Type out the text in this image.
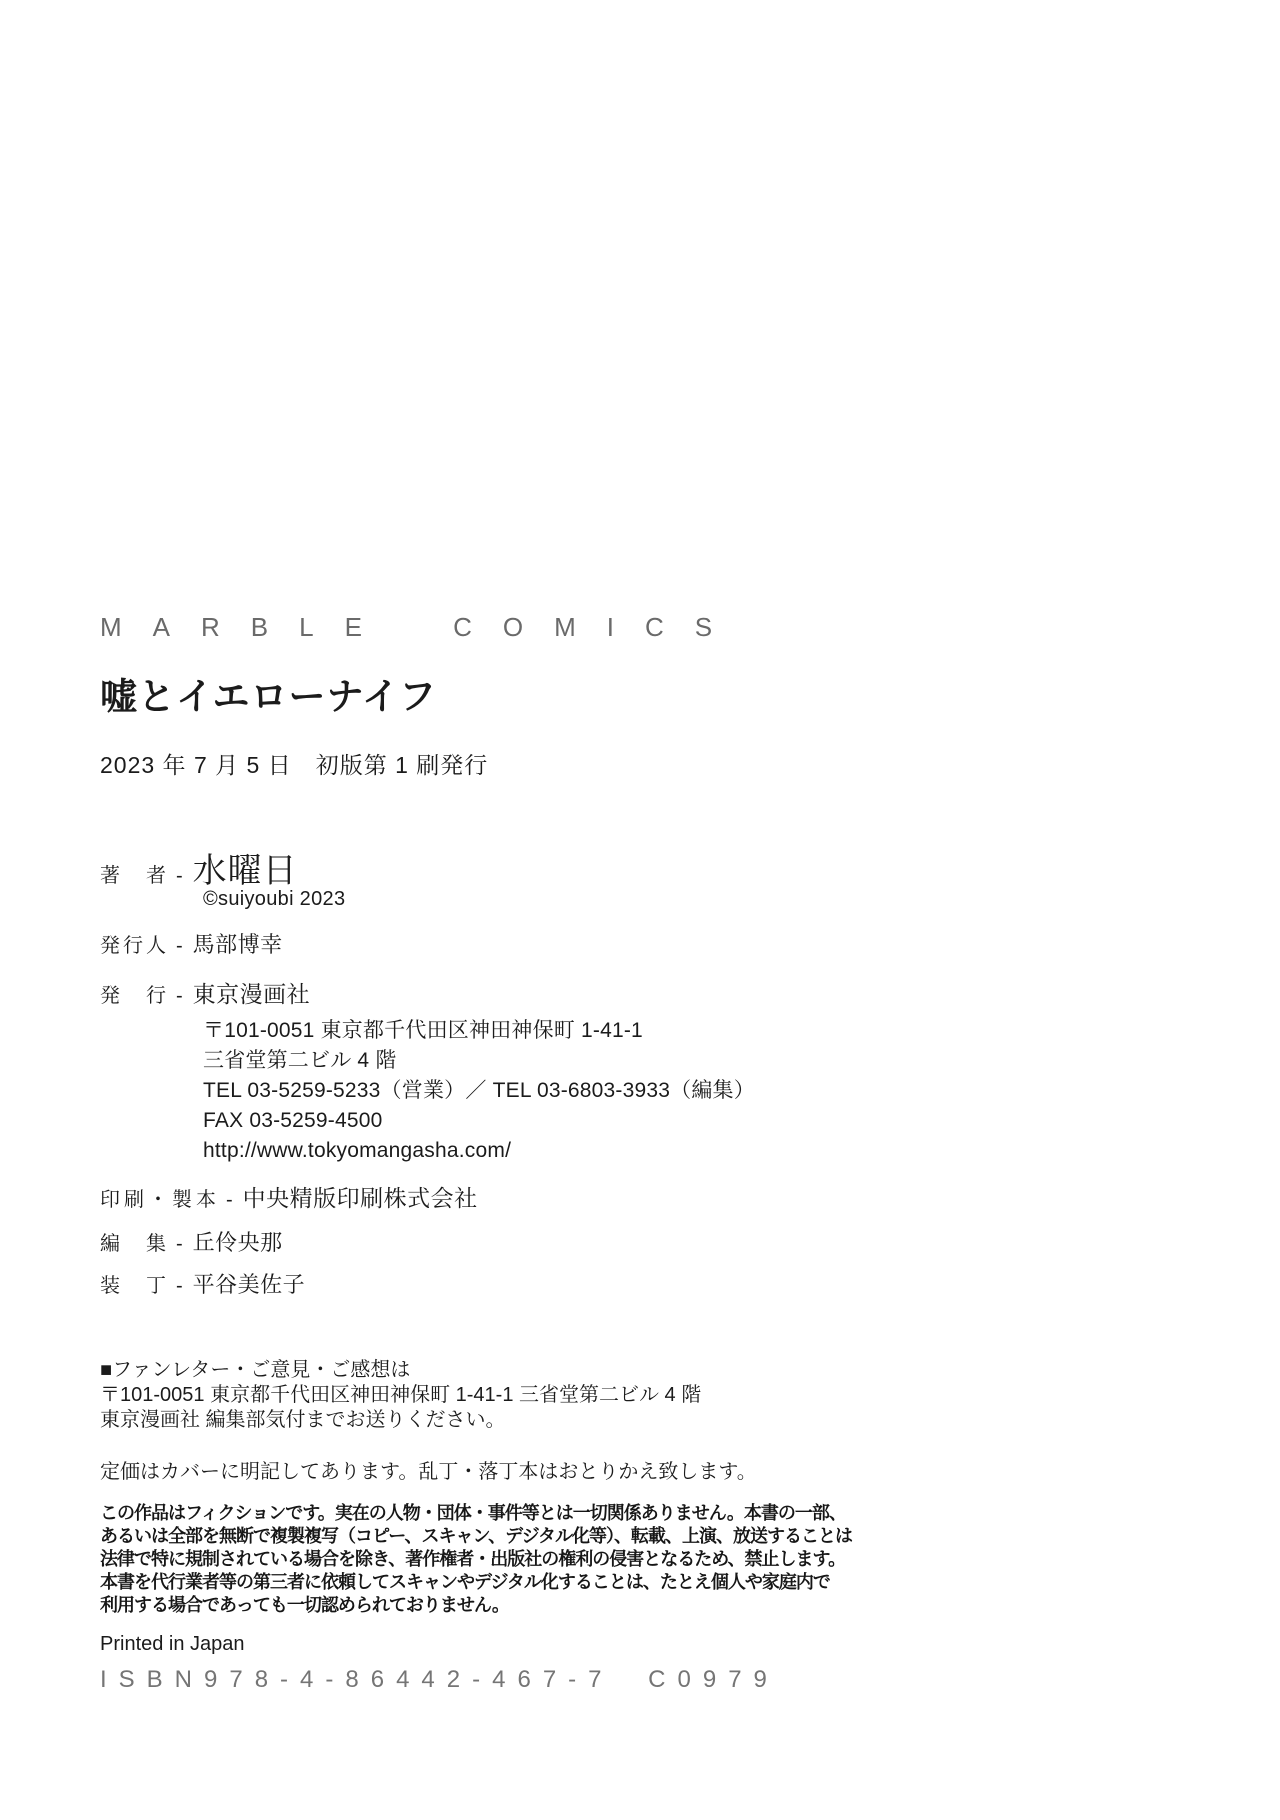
MARBLE COMICS
嘘とイエローナイフ
2023 年 7 月 5 日　初版第 1 刷発行
著者 - 水曜日
©suiyoubi 2023
発行人 - 馬部博幸
発行 - 東京漫画社
〒101-0051 東京都千代田区神田神保町 1-41-1
三省堂第二ビル 4 階
TEL 03-5259-5233（営業）／ TEL 03-6803-3933（編集）
FAX 03-5259-4500
http://www.tokyomangasha.com/
印刷・製本 - 中央精版印刷株式会社
編集 - 丘伶央那
装丁 - 平谷美佐子
■ファンレター・ご意見・ご感想は
〒101-0051 東京都千代田区神田神保町 1-41-1 三省堂第二ビル 4 階
東京漫画社 編集部気付までお送りください。
定価はカバーに明記してあります。乱丁・落丁本はおとりかえ致します。
この作品はフィクションです。実在の人物・団体・事件等とは一切関係ありません。本書の一部、
あるいは全部を無断で複製複写（コピー、スキャン、デジタル化等）、転載、上演、放送することは
法律で特に規制されている場合を除き、著作権者・出版社の権利の侵害となるため、禁止します。
本書を代行業者等の第三者に依頼してスキャンやデジタル化することは、たとえ個人や家庭内で
利用する場合であっても一切認められておりません。
Printed in Japan
ISBN978-4-86442-467-7 C0979
